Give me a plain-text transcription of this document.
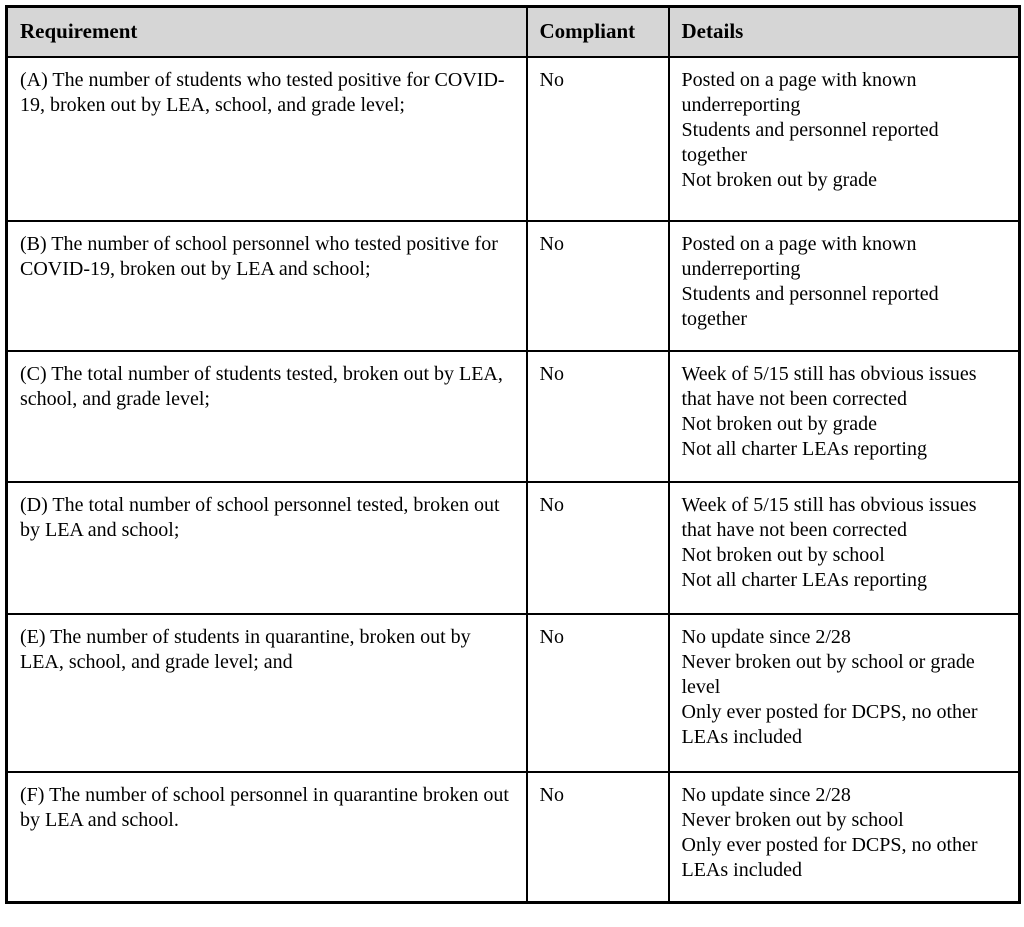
Requirement	Compliant	Details
(A) The number of students who tested positive for COVID-19, broken out by LEA, school, and grade level;	No	Posted on a page with known underreporting
Students and personnel reported together
Not broken out by grade

(B) The number of school personnel who tested positive for COVID-19, broken out by LEA and school;	No	Posted on a page with known underreporting
Students and personnel reported together

(C) The total number of students tested, broken out by LEA, school, and grade level;	No	Week of 5/15 still has obvious issues that have not been corrected
Not broken out by grade
Not all charter LEAs reporting

(D) The total number of school personnel tested, broken out by LEA and school;	No	Week of 5/15 still has obvious issues that have not been corrected
Not broken out by school
Not all charter LEAs reporting

(E) The number of students in quarantine, broken out by LEA, school, and grade level; and	No	No update since 2/28
Never broken out by school or grade level
Only ever posted for DCPS, no other LEAs included

(F) The number of school personnel in quarantine broken out by LEA and school.	No	No update since 2/28
Never broken out by school
Only ever posted for DCPS, no other LEAs included
